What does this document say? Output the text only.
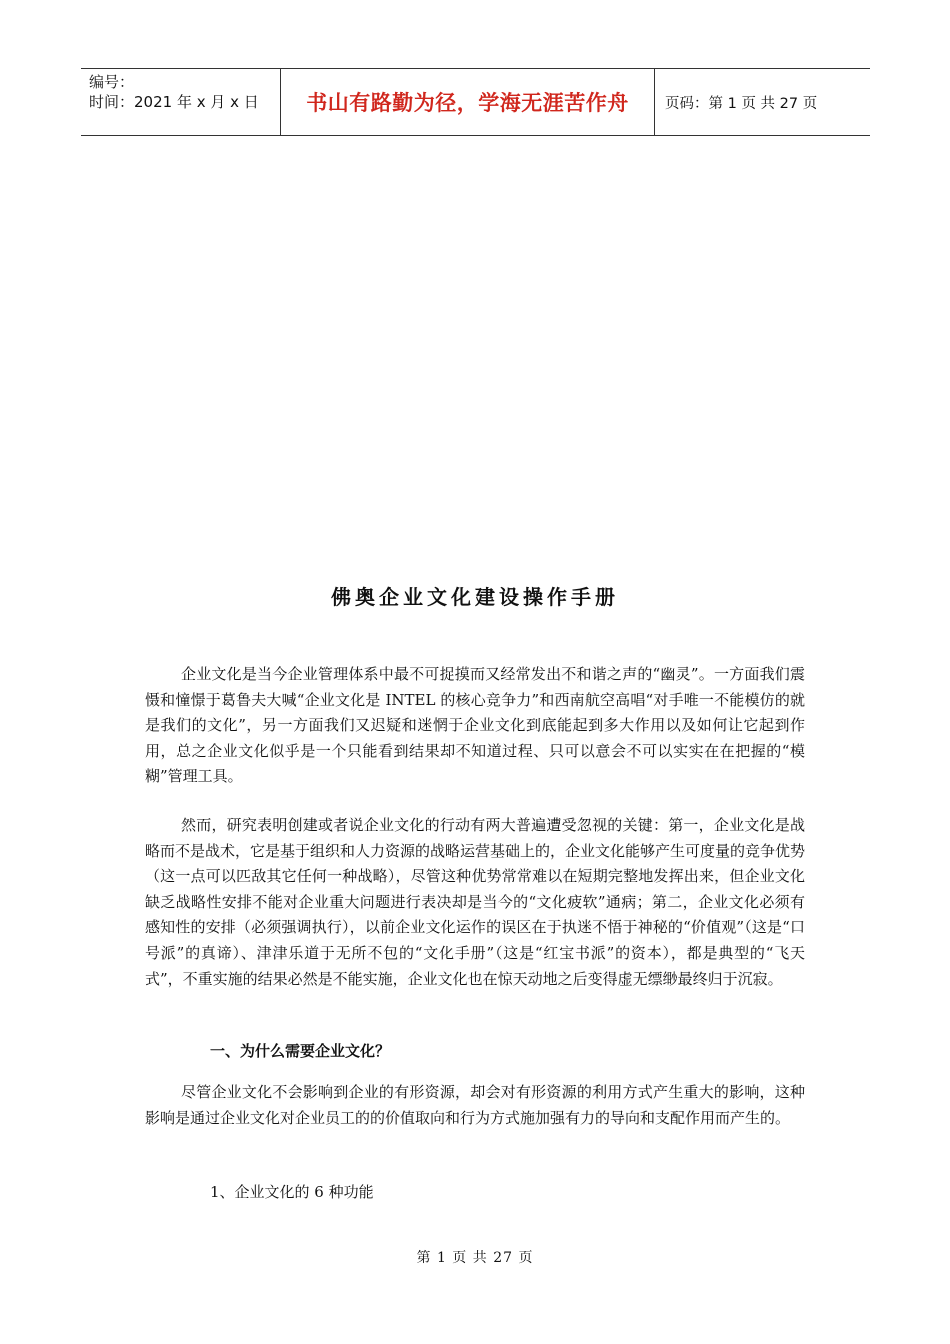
编号：
时间：2021 年 x 月 x 日	书山有路勤为径，学海无涯苦作舟	页码：第 1 页 共 27 页
佛奥企业文化建设操作手册

企业文化是当今企业管理体系中最不可捉摸而又经常发出不和谐之声的“幽灵”。一方面我们震慑和憧憬于葛鲁夫大喊“企业文化是 INTEL 的核心竞争力”和西南航空高唱“对手唯一不能模仿的就是我们的文化”，另一方面我们又迟疑和迷惘于企业文化到底能起到多大作用以及如何让它起到作用，总之企业文化似乎是一个只能看到结果却不知道过程、只可以意会不可以实实在在把握的“模糊”管理工具。

然而，研究表明创建或者说企业文化的行动有两大普遍遭受忽视的关键：第一，企业文化是战略而不是战术，它是基于组织和人力资源的战略运营基础上的，企业文化能够产生可度量的竞争优势（这一点可以匹敌其它任何一种战略），尽管这种优势常常难以在短期完整地发挥出来，但企业文化缺乏战略性安排不能对企业重大问题进行表决却是当今的“文化疲软”通病；第二，企业文化必须有感知性的安排（必须强调执行），以前企业文化运作的误区在于执迷不悟于神秘的“价值观”（这是“口号派”的真谛）、津津乐道于无所不包的“文化手册”（这是“红宝书派”的资本），都是典型的“飞天式”，不重实施的结果必然是不能实施，企业文化也在惊天动地之后变得虚无缥缈最终归于沉寂。

一、为什么需要企业文化？

尽管企业文化不会影响到企业的有形资源，却会对有形资源的利用方式产生重大的影响，这种影响是通过企业文化对企业员工的的价值取向和行为方式施加强有力的导向和支配作用而产生的。

1、企业文化的 6 种功能

第 1 页 共 27 页
